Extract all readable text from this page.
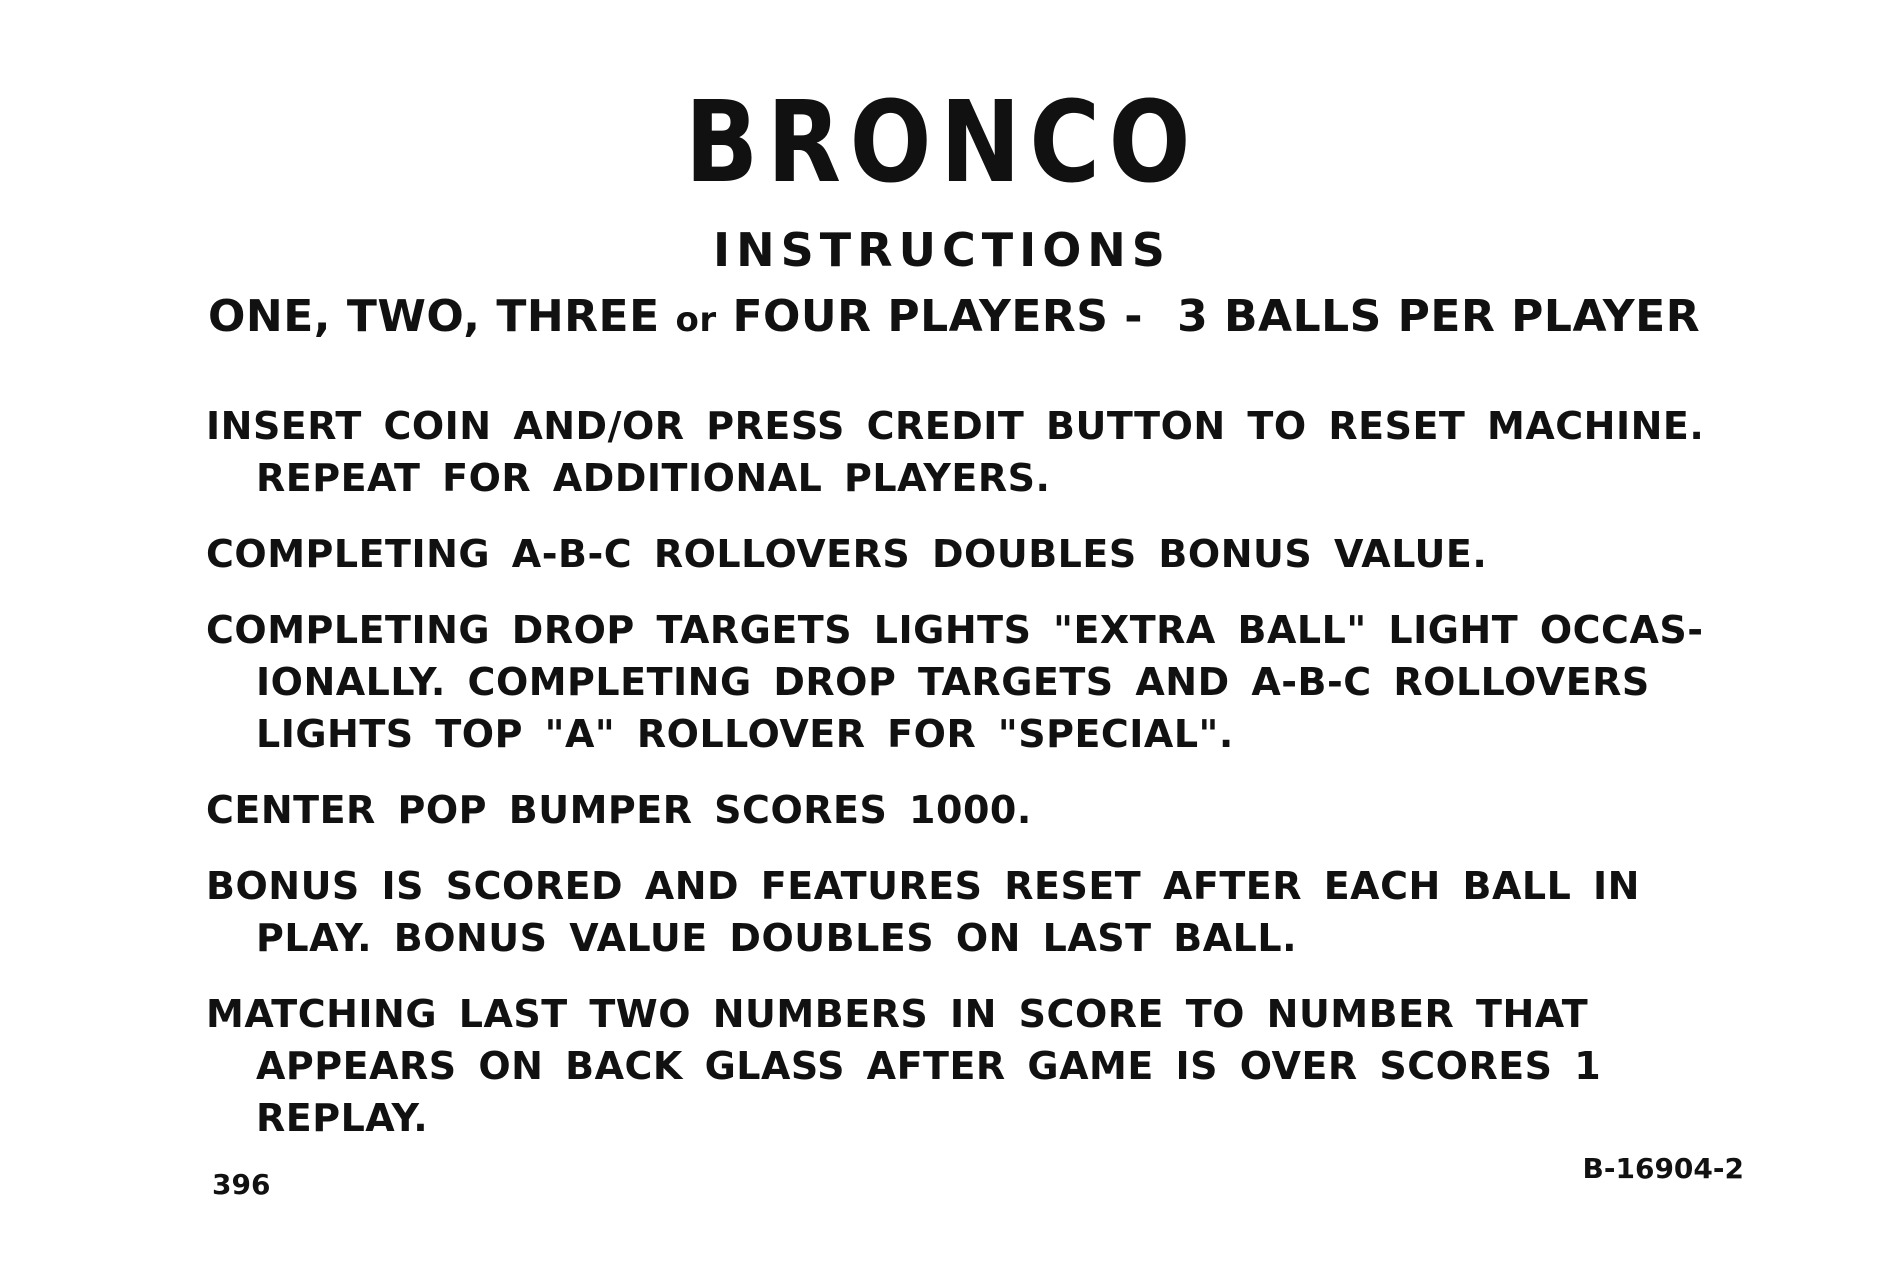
BRONCO
INSTRUCTIONS
ONE, TWO, THREE or FOUR PLAYERS - 3 BALLS PER PLAYER
INSERT COIN AND/OR PRESS CREDIT BUTTON TO RESET MACHINE. REPEAT FOR ADDITIONAL PLAYERS.
COMPLETING A-B-C ROLLOVERS DOUBLES BONUS VALUE.
COMPLETING DROP TARGETS LIGHTS "EXTRA BALL" LIGHT OCCAS-IONALLY. COMPLETING DROP TARGETS AND A-B-C ROLLOVERS LIGHTS TOP "A" ROLLOVER FOR "SPECIAL".
CENTER POP BUMPER SCORES 1000.
BONUS IS SCORED AND FEATURES RESET AFTER EACH BALL IN PLAY. BONUS VALUE DOUBLES ON LAST BALL.
MATCHING LAST TWO NUMBERS IN SCORE TO NUMBER THAT APPEARS ON BACK GLASS AFTER GAME IS OVER SCORES 1 REPLAY.
396	B-16904-2
